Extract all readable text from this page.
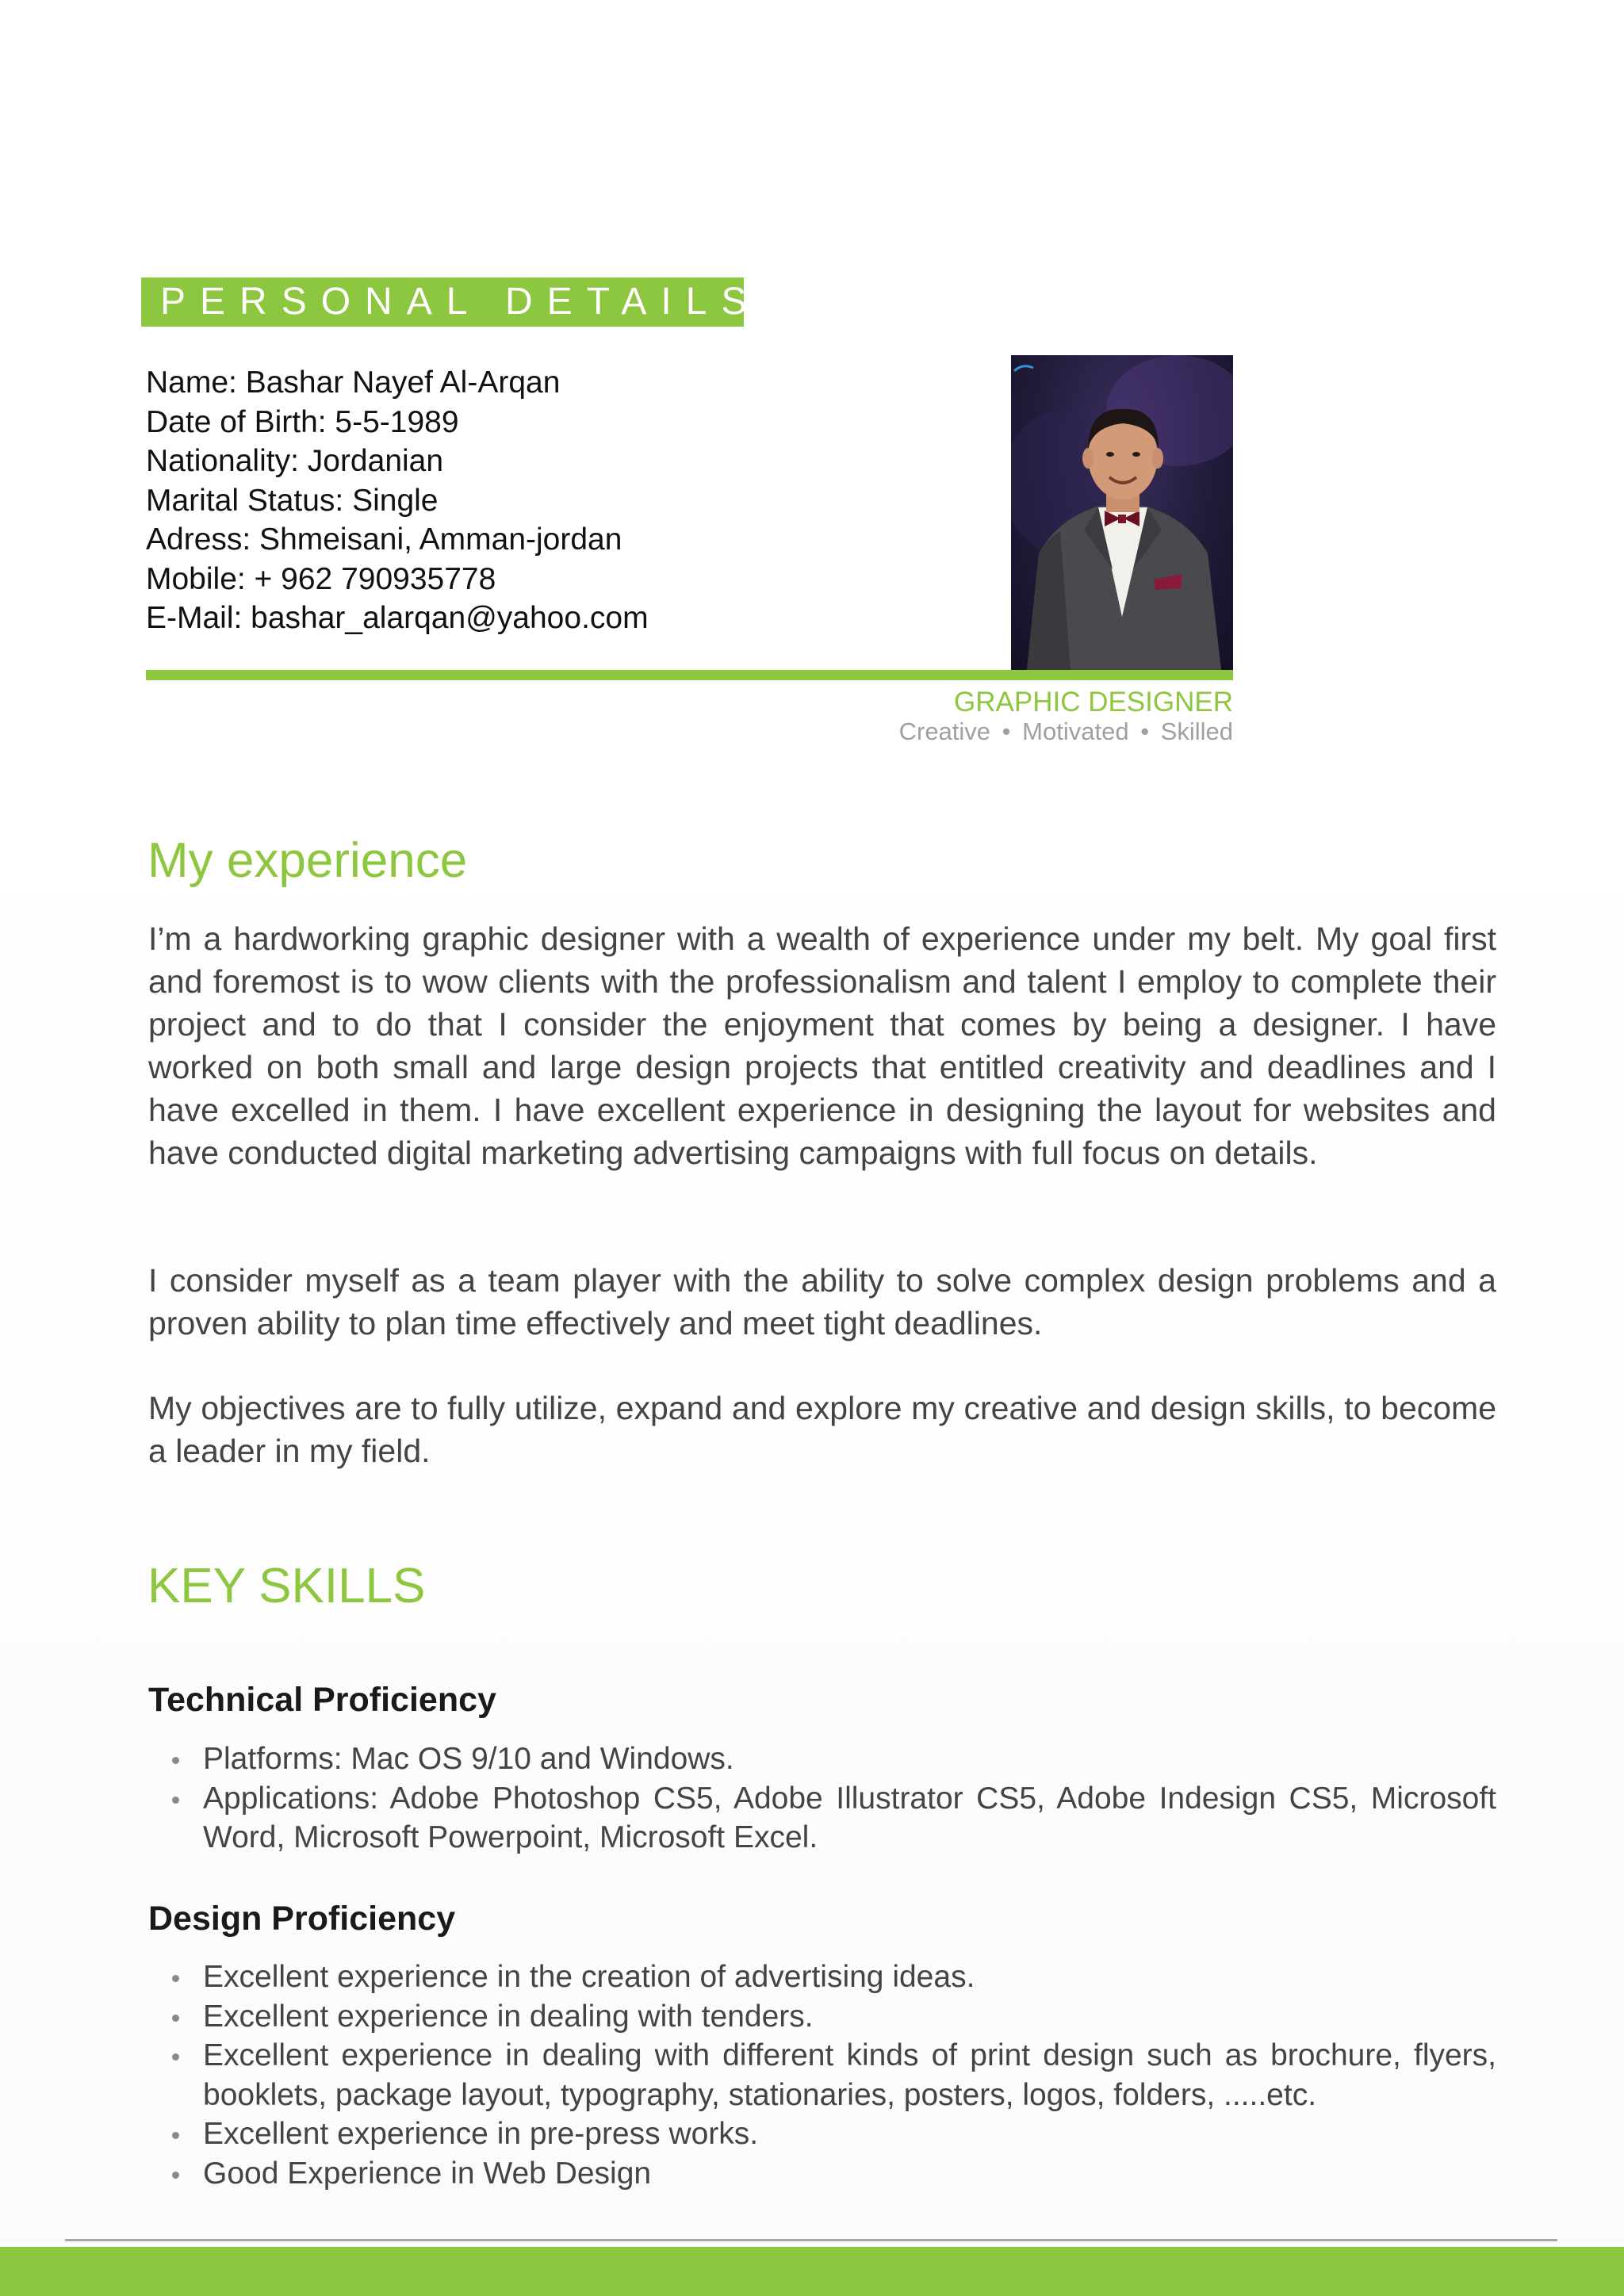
PERSONAL DETAILS
Name: Bashar Nayef Al-Arqan
Date of Birth: 5-5-1989
Nationality: Jordanian
Marital Status: Single
Adress: Shmeisani, Amman-jordan
Mobile: + 962 790935778
E-Mail: bashar_alarqan@yahoo.com
GRAPHIC DESIGNER
Creative • Motivated • Skilled
My experience

I’m a hardworking graphic designer with a wealth of experience under my belt. My goal first and foremost is to wow clients with the professionalism and talent I employ to complete their project and to do that I consider the enjoyment that comes by being a designer. I have worked on both small and large design projects that entitled creativity and deadlines and I have excelled in them. I have excellent experience in designing the layout for websites and have conducted digital marketing advertising campaigns with full focus on details.

I consider myself as a team player with the ability to solve complex design problems and a proven ability to plan time effectively and meet tight deadlines.

My objectives are to fully utilize, expand and explore my creative and design skills, to become a leader in my field.

KEY SKILLS
Technical Proficiency
Platforms: Mac OS 9/10 and Windows.
Applications: Adobe Photoshop CS5, Adobe Illustrator CS5, Adobe Indesign CS5, Microsoft Word, Microsoft Powerpoint, Microsoft Excel.
Design Proficiency
Excellent experience in the creation of advertising ideas.
Excellent experience in dealing with tenders.
Excellent experience in dealing with different kinds of print design such as brochure, flyers, booklets, package layout, typography, stationaries, posters, logos, folders, .....etc.
Excellent experience in pre-press works.
Good Experience in Web Design
